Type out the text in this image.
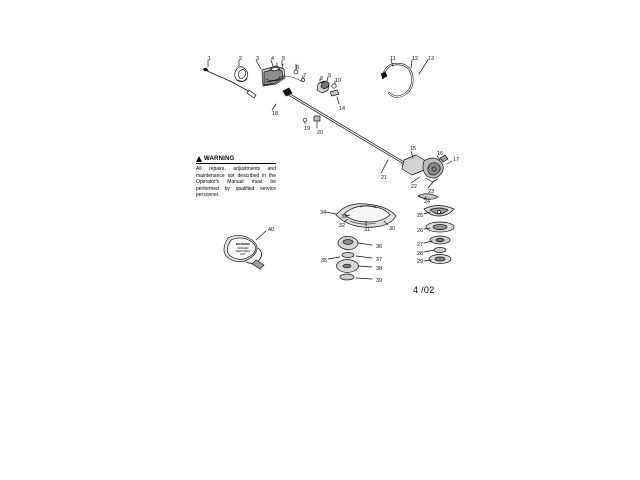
WARNING
All repairs, adjustments and maintenance not described in the Operator's Manual must be performed by qualified service personnel.
WARNING
DANGER
KEEP AWAY
HOT
4 /02
1	2	3 4 5
6
7	8 9
10
11	12 13
14
15
16
17
18
19
20
21
22
23
24
25
26
27
28
29
30
31
32
33
34
35
36
37
38
39
40
